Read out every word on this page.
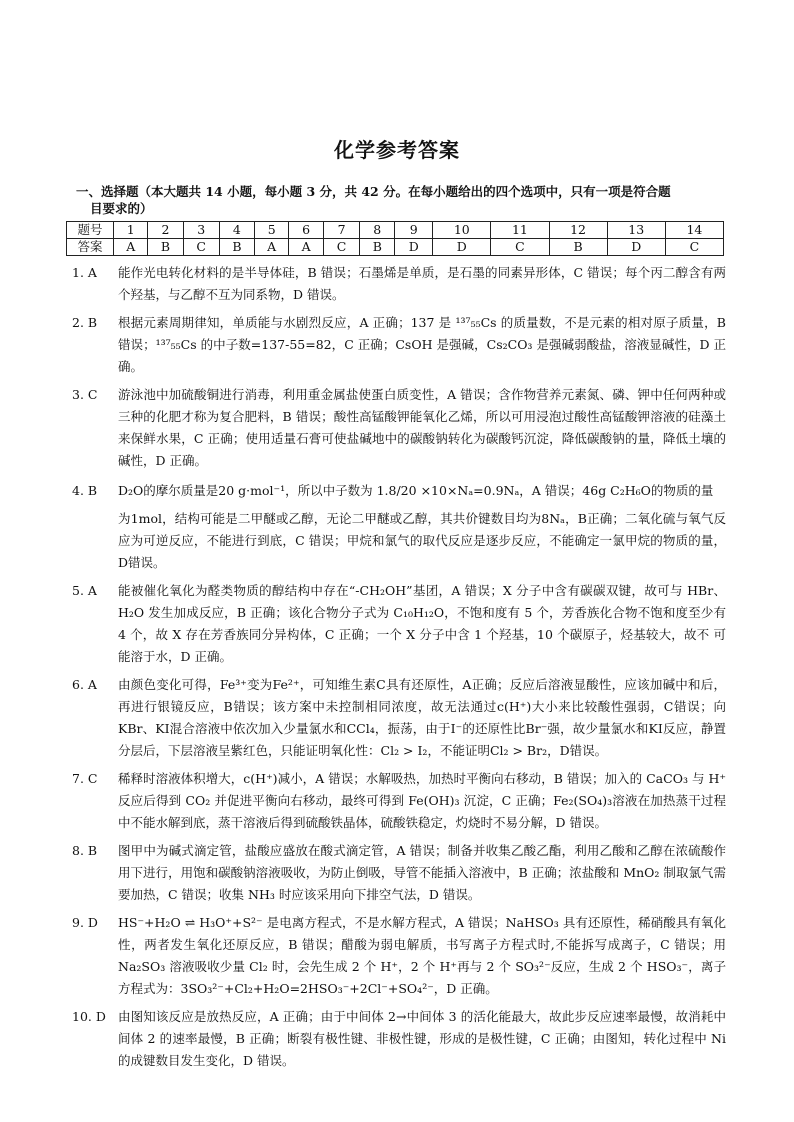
化学参考答案
一、选择题（本大题共 14 小题，每小题 3 分，共 42 分。在每小题给出的四个选项中，只有一项是符合题
目要求的）
题号	1	2	3	4	5	6	7	8	9	10	11	12	13	14
答案	A	B	C	B	A	A	C	B	D	D	C	B	D	C
1. A	能作光电转化材料的是半导体硅，B 错误；石墨烯是单质，是石墨的同素异形体，C 错误；每个丙二醇含有两个羟基，与乙醇不互为同系物，D 错误。

2. B	根据元素周期律知，单质能与水剧烈反应，A 正确；137 是 ¹³⁷₅₅Cs 的质量数，不是元素的相对原子质量，B 错误；¹³⁷₅₅Cs 的中子数=137-55=82，C 正确；CsOH 是强碱，Cs₂CO₃ 是强碱弱酸盐，溶液显碱性，D 正确。

3. C	游泳池中加硫酸铜进行消毒，利用重金属盐使蛋白质变性，A 错误；含作物营养元素氮、磷、钾中任何两种或三种的化肥才称为复合肥料，B 错误；酸性高锰酸钾能氧化乙烯，所以可用浸泡过酸性高锰酸钾溶液的硅藻土来保鲜水果，C 正确；使用适量石膏可使盐碱地中的碳酸钠转化为碳酸钙沉淀，降低碳酸钠的量，降低土壤的碱性，D 正确。

4. B	D₂O的摩尔质量是20 g·mol⁻¹，所以中子数为 1.8/20 ×10×Nₐ=0.9Nₐ，A 错误；46g C₂H₆O的物质的量

为1mol，结构可能是二甲醚或乙醇，无论二甲醚或乙醇，其共价键数目均为8Nₐ，B正确；二氧化硫与氧气反应为可逆反应，不能进行到底，C 错误；甲烷和氯气的取代反应是逐步反应，不能确定一氯甲烷的物质的量，D错误。

5. A	能被催化氧化为醛类物质的醇结构中存在“-CH₂OH”基团，A 错误；X 分子中含有碳碳双键，故可与 HBr、H₂O 发生加成反应，B 正确；该化合物分子式为 C₁₀H₁₂O，不饱和度有 5 个，芳香族化合物不饱和度至少有 4 个，故 X 存在芳香族同分异构体，C 正确；一个 X 分子中含 1 个羟基，10 个碳原子，烃基较大，故不 可能溶于水，D 正确。

6. A	由颜色变化可得，Fe³⁺变为Fe²⁺，可知维生素C具有还原性，A正确；反应后溶液显酸性，应该加碱中和后，再进行银镜反应，B错误；该方案中未控制相同浓度，故无法通过c(H⁺)大小来比较酸性强弱，C错误；向KBr、KI混合溶液中依次加入少量氯水和CCl₄，振荡，由于I⁻的还原性比Br⁻强，故少量氯水和KI反应，静置分层后，下层溶液呈紫红色，只能证明氧化性：Cl₂ > I₂，不能证明Cl₂ > Br₂，D错误。

7. C	稀释时溶液体积增大，c(H⁺)减小，A 错误；水解吸热，加热时平衡向右移动，B 错误；加入的 CaCO₃ 与 H⁺反应后得到 CO₂ 并促进平衡向右移动，最终可得到 Fe(OH)₃ 沉淀，C 正确；Fe₂(SO₄)₃溶液在加热蒸干过程中不能水解到底，蒸干溶液后得到硫酸铁晶体，硫酸铁稳定，灼烧时不易分解，D 错误。

8. B	图甲中为碱式滴定管，盐酸应盛放在酸式滴定管，A 错误；制备并收集乙酸乙酯，利用乙酸和乙醇在浓硫酸作用下进行，用饱和碳酸钠溶液吸收，为防止倒吸，导管不能插入溶液中，B 正确；浓盐酸和 MnO₂ 制取氯气需要加热，C 错误；收集 NH₃ 时应该采用向下排空气法，D 错误。

9. D	HS⁻+H₂O ⇌ H₃O⁺+S²⁻ 是电离方程式，不是水解方程式，A 错误；NaHSO₃ 具有还原性，稀硝酸具有氧化性，两者发生氧化还原反应，B 错误；醋酸为弱电解质，书写离子方程式时,不能拆写成离子，C 错误；用 Na₂SO₃ 溶液吸收少量 Cl₂ 时，会先生成 2 个 H⁺，2 个 H⁺再与 2 个 SO₃²⁻反应，生成 2 个 HSO₃⁻，离子方程式为：3SO₃²⁻+Cl₂+H₂O=2HSO₃⁻+2Cl⁻+SO₄²⁻，D 正确。

10. D 由图知该反应是放热反应，A 正确；由于中间体 2→中间体 3 的活化能最大，故此步反应速率最慢，故消耗中间体 2 的速率最慢，B 正确；断裂有极性键、非极性键，形成的是极性键，C 正确；由图知，转化过程中 Ni 的成键数目发生变化，D 错误。
